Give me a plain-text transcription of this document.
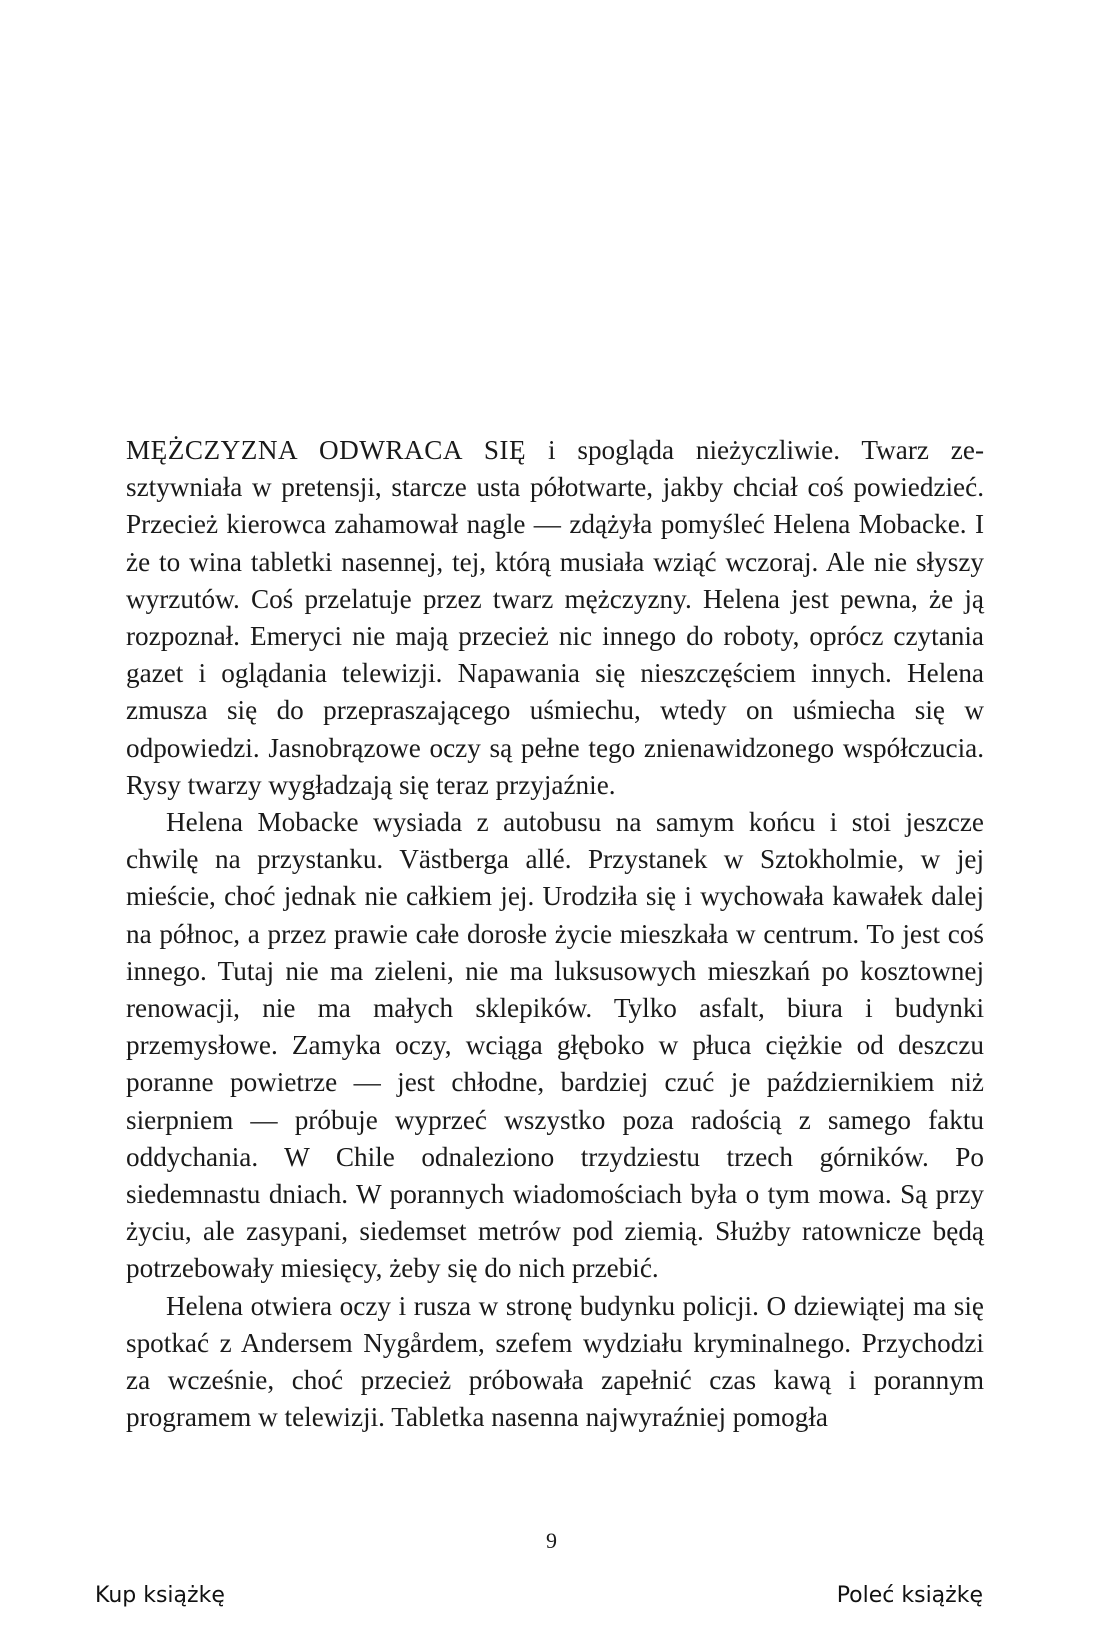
MĘŻCZYZNA ODWRACA SIĘ i spogląda nieżyczliwie. Twarz zesztywniała w pretensji, starcze usta półotwarte, jakby chciał coś powiedzieć. Przecież kierowca zahamował nagle — zdążyła pomyśleć Helena Mobacke. I że to wina tabletki nasennej, tej, którą musiała wziąć wczoraj. Ale nie słyszy wyrzutów. Coś przelatuje przez twarz mężczyzny. Helena jest pewna, że ją rozpoznał. Emeryci nie mają przecież nic innego do roboty, oprócz czytania gazet i oglądania telewizji. Napawania się nieszczęściem innych. Helena zmusza się do przepraszającego uśmiechu, wtedy on uśmiecha się w odpowiedzi. Jasnobrązowe oczy są pełne tego znienawidzonego współczucia. Rysy twarzy wygładzają się teraz przyjaźnie.

Helena Mobacke wysiada z autobusu na samym końcu i stoi jeszcze chwilę na przystanku. Västberga allé. Przystanek w Sztokholmie, w jej mieście, choć jednak nie całkiem jej. Urodziła się i wychowała kawałek dalej na północ, a przez prawie całe dorosłe życie mieszkała w centrum. To jest coś innego. Tutaj nie ma zieleni, nie ma luksusowych mieszkań po kosztownej renowacji, nie ma małych sklepików. Tylko asfalt, biura i budynki przemysłowe. Zamyka oczy, wciąga głęboko w płuca ciężkie od deszczu poranne powietrze — jest chłodne, bardziej czuć je październikiem niż sierpniem — próbuje wyprzeć wszystko poza radością z samego faktu oddychania. W Chile odnaleziono trzydziestu trzech górników. Po siedemnastu dniach. W porannych wiadomościach była o tym mowa. Są przy życiu, ale zasypani, siedemset metrów pod ziemią. Służby ratownicze będą potrzebowały miesięcy, żeby się do nich przebić.

Helena otwiera oczy i rusza w stronę budynku policji. O dziewiątej ma się spotkać z Andersem Nygårdem, szefem wydziału kryminalnego. Przychodzi za wcześnie, choć przecież próbowała zapełnić czas kawą i porannym programem w telewizji. Tabletka nasenna najwyraźniej pomogła

9
Kup książkę	Poleć książkę
